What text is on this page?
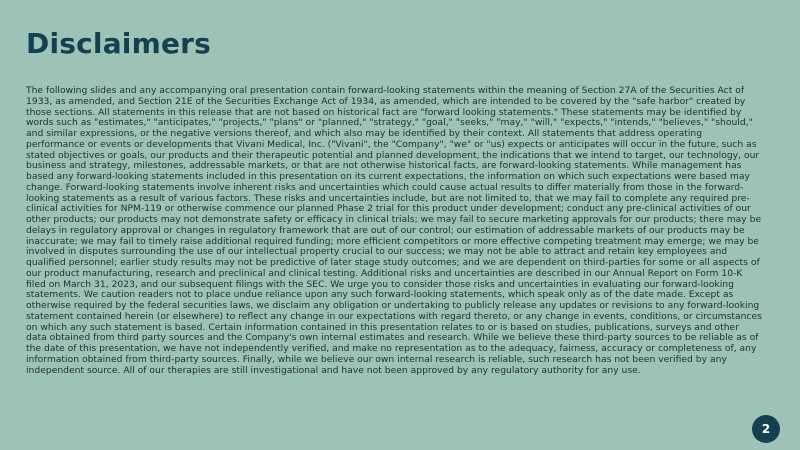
Disclaimers

The following slides and any accompanying oral presentation contain forward-looking statements within the meaning of Section 27A of the Securities Act of 1933, as amended, and Section 21E of the Securities Exchange Act of 1934, as amended, which are intended to be covered by the "safe harbor" created by those sections. All statements in this release that are not based on historical fact are "forward looking statements." These statements may be identified by words such as "estimates," "anticipates," "projects," "plans" or "planned," "strategy," "goal," "seeks," "may," "will," "expects," "intends," "believes," "should," and similar expressions, or the negative versions thereof, and which also may be identified by their context. All statements that address operating performance or events or developments that Vivani Medical, Inc. ("Vivani", the "Company", "we" or "us) expects or anticipates will occur in the future, such as stated objectives or goals, our products and their therapeutic potential and planned development, the indications that we intend to target, our technology, our business and strategy, milestones, addressable markets, or that are not otherwise historical facts, are forward-looking statements. While management has based any forward-looking statements included in this presentation on its current expectations, the information on which such expectations were based may change. Forward-looking statements involve inherent risks and uncertainties which could cause actual results to differ materially from those in the forward-looking statements as a result of various factors. These risks and uncertainties include, but are not limited to, that we may fail to complete any required pre-clinical activities for NPM-119 or otherwise commence our planned Phase 2 trial for this product under development; conduct any pre-clinical activities of our other products; our products may not demonstrate safety or efficacy in clinical trials; we may fail to secure marketing approvals for our products; there may be delays in regulatory approval or changes in regulatory framework that are out of our control; our estimation of addressable markets of our products may be inaccurate; we may fail to timely raise additional required funding; more efficient competitors or more effective competing treatment may emerge; we may be involved in disputes surrounding the use of our intellectual property crucial to our success; we may not be able to attract and retain key employees and qualified personnel; earlier study results may not be predictive of later stage study outcomes; and we are dependent on third-parties for some or all aspects of our product manufacturing, research and preclinical and clinical testing. Additional risks and uncertainties are described in our Annual Report on Form 10-K filed on March 31, 2023, and our subsequent filings with the SEC. We urge you to consider those risks and uncertainties in evaluating our forward-looking statements. We caution readers not to place undue reliance upon any such forward-looking statements, which speak only as of the date made. Except as otherwise required by the federal securities laws, we disclaim any obligation or undertaking to publicly release any updates or revisions to any forward-looking statement contained herein (or elsewhere) to reflect any change in our expectations with regard thereto, or any change in events, conditions, or circumstances on which any such statement is based. Certain information contained in this presentation relates to or is based on studies, publications, surveys and other data obtained from third party sources and the Company's own internal estimates and research. While we believe these third-party sources to be reliable as of the date of this presentation, we have not independently verified, and make no representation as to the adequacy, fairness, accuracy or completeness of, any information obtained from third-party sources. Finally, while we believe our own internal research is reliable, such research has not been verified by any independent source. All of our therapies are still investigational and have not been approved by any regulatory authority for any use.

2
